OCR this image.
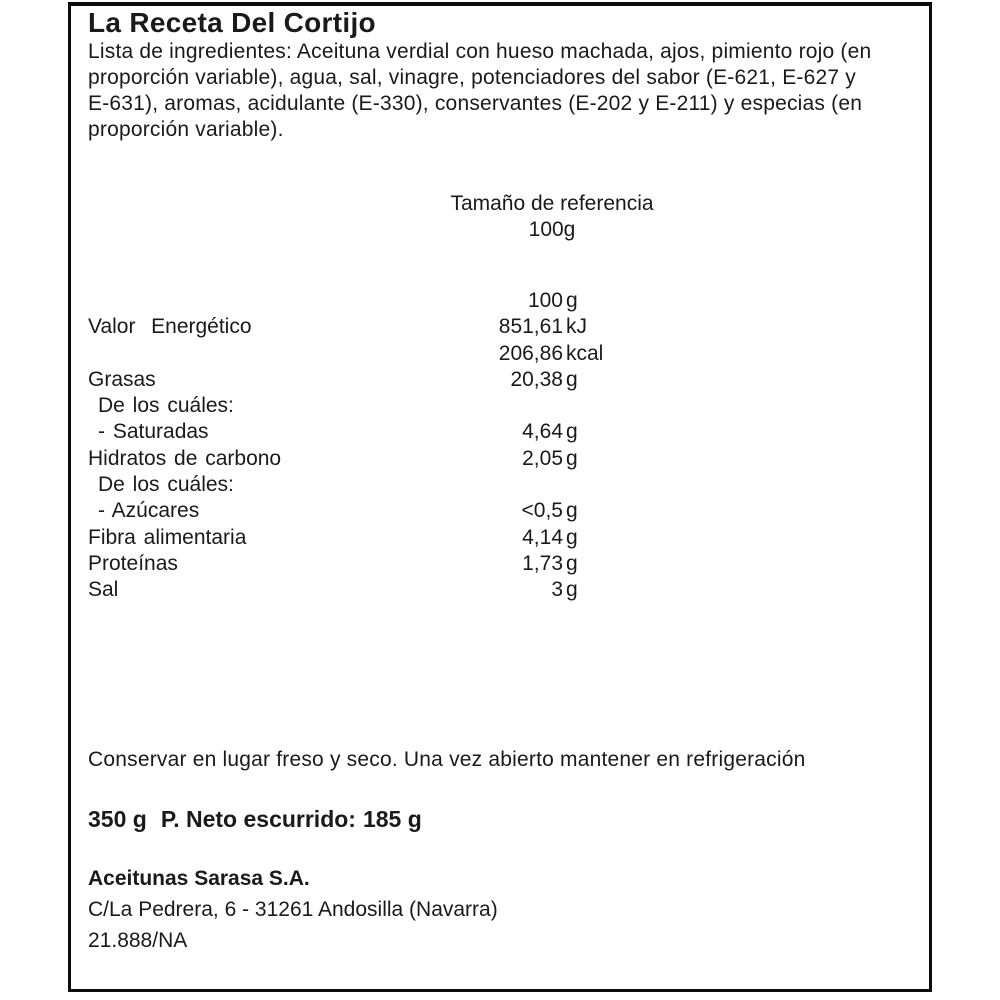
La Receta Del Cortijo
Lista de ingredientes: Aceituna verdial con hueso machada, ajos, pimiento rojo (en
proporción variable), agua, sal, vinagre, potenciadores del sabor (E-621, E-627 y
E-631), aromas, acidulante (E-330), conservantes (E-202 y E-211) y especias (en
proporción variable).
Tamaño de referencia
100g
100 g
Valor  Energético	851,61 kJ
206,86 kcal
Grasas	20,38 g
De los cuáles:
- Saturadas	4,64 g
Hidratos de carbono	2,05 g
De los cuáles:
- Azúcares	<0,5 g
Fibra alimentaria	4,14 g
Proteínas	1,73 g
Sal	3 g
Conservar en lugar freso y seco. Una vez abierto mantener en refrigeración
350 g P. Neto escurrido: 185 g
Aceitunas Sarasa S.A.
C/La Pedrera, 6 - 31261 Andosilla (Navarra)
21.888/NA
